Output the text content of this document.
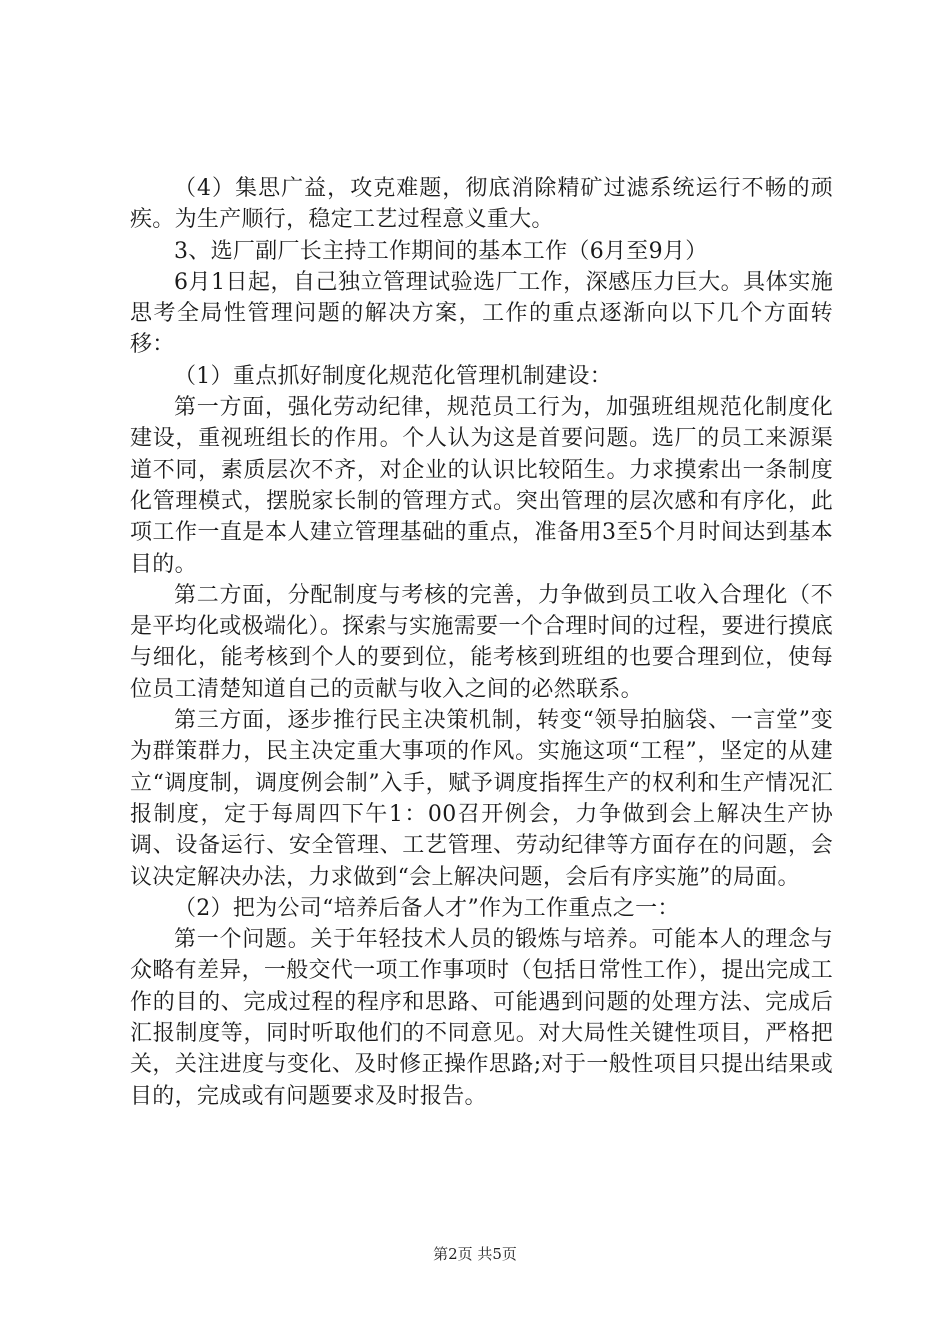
（4）集思广益，攻克难题，彻底消除精矿过滤系统运行不畅的顽疾。为生产顺行，稳定工艺过程意义重大。

3、选厂副厂长主持工作期间的基本工作（6月至9月）

6月1日起，自己独立管理试验选厂工作，深感压力巨大。具体实施思考全局性管理问题的解决方案，工作的重点逐渐向以下几个方面转移：

（1）重点抓好制度化规范化管理机制建设：

第一方面，强化劳动纪律，规范员工行为，加强班组规范化制度化建设，重视班组长的作用。个人认为这是首要问题。选厂的员工来源渠道不同，素质层次不齐，对企业的认识比较陌生。力求摸索出一条制度化管理模式，摆脱家长制的管理方式。突出管理的层次感和有序化，此项工作一直是本人建立管理基础的重点，准备用3至5个月时间达到基本目的。

第二方面，分配制度与考核的完善，力争做到员工收入合理化（不是平均化或极端化）。探索与实施需要一个合理时间的过程，要进行摸底与细化，能考核到个人的要到位，能考核到班组的也要合理到位，使每位员工清楚知道自己的贡献与收入之间的必然联系。

第三方面，逐步推行民主决策机制，转变“领导拍脑袋、一言堂”变为群策群力，民主决定重大事项的作风。实施这项“工程”，坚定的从建立“调度制，调度例会制”入手，赋予调度指挥生产的权利和生产情况汇报制度，定于每周四下午1：00召开例会，力争做到会上解决生产协调、设备运行、安全管理、工艺管理、劳动纪律等方面存在的问题，会议决定解决办法，力求做到“会上解决问题，会后有序实施”的局面。

（2）把为公司“培养后备人才”作为工作重点之一：

第一个问题。关于年轻技术人员的锻炼与培养。可能本人的理念与众略有差异，一般交代一项工作事项时（包括日常性工作），提出完成工作的目的、完成过程的程序和思路、可能遇到问题的处理方法、完成后汇报制度等，同时听取他们的不同意见。对大局性关键性项目，严格把关，关注进度与变化、及时修正操作思路;对于一般性项目只提出结果或目的，完成或有问题要求及时报告。

第2页 共5页
